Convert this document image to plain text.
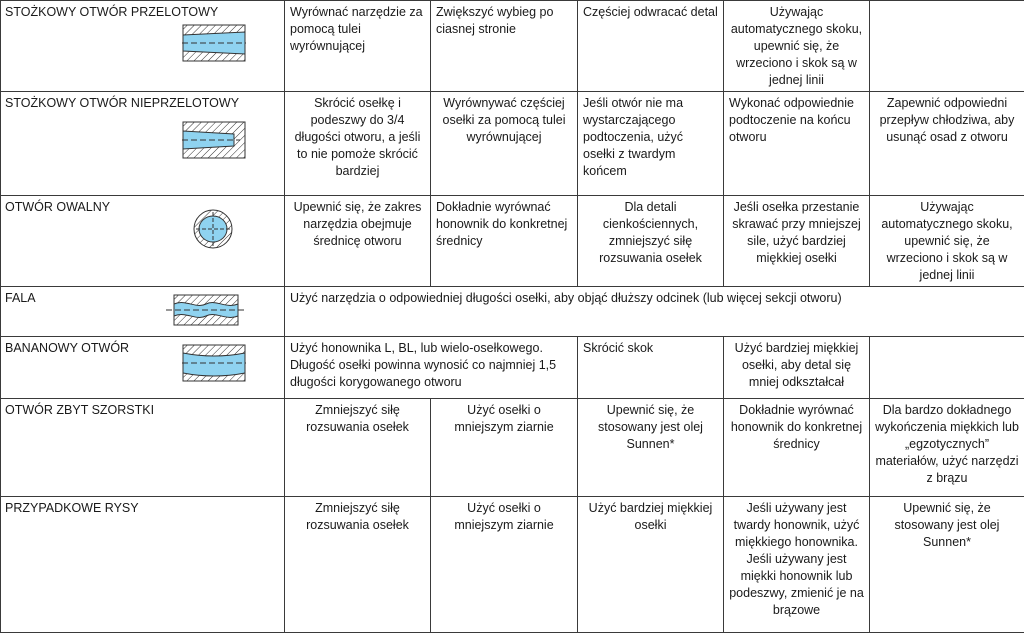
STOŻKOWY OTWÓR PRZELOTOWY	Wyrównać narzędzie za pomocą tulei wyrównującej	Zwiększyć wybieg po ciasnej stronie	Częściej odwracać detal	Używając automatycznego skoku, upewnić się, że wrzeciono i skok są w jednej linii	

STOŻKOWY OTWÓR NIEPRZELOTOWY	Skrócić osełkę i podeszwy do 3/4 długości otworu, a jeśli to nie pomoże skrócić bardziej	Wyrównywać częściej osełki za pomocą tulei wyrównującej	Jeśli otwór nie ma wystarczającego podtoczenia, użyć osełki z twardym końcem	Wykonać odpowiednie podtoczenie na końcu otworu	Zapewnić odpowiedni przepływ chłodziwa, aby usunąć osad z otworu

OTWÓR OWALNY	Upewnić się, że zakres narzędzia obejmuje średnicę otworu	Dokładnie wyrównać honownik do konkretnej średnicy	Dla detali cienkościennych, zmniejszyć siłę rozsuwania osełek	Jeśli osełka przestanie skrawać przy mniejszej sile, użyć bardziej miękkiej osełki	Używając automatycznego skoku, upewnić się, że wrzeciono i skok są w jednej linii

FALA	Użyć narzędzia o odpowiedniej długości osełki, aby objąć dłuższy odcinek (lub więcej sekcji otworu)				

BANANOWY OTWÓR	Użyć honownika L, BL, lub wielo-osełkowego. Długość osełki powinna wynosić co najmniej 1,5 długości korygowanego otworu		Skrócić skok	Użyć bardziej miękkiej osełki, aby detal się mniej odkształcał	

OTWÓR ZBYT SZORSTKI	Zmniejszyć siłę rozsuwania osełek	Użyć osełki o mniejszym ziarnie	Upewnić się, że stosowany jest olej Sunnen*	Dokładnie wyrównać honownik do konkretnej średnicy	Dla bardzo dokładnego wykończenia miękkich lub „egzotycznych” materiałów, użyć narzędzi z brązu

PRZYPADKOWE RYSY	Zmniejszyć siłę rozsuwania osełek	Użyć osełki o mniejszym ziarnie	Użyć bardziej miękkiej osełki	Jeśli używany jest twardy honownik, użyć miękkiego honownika. Jeśli używany jest miękki honownik lub podeszwy, zmienić je na brązowe	Upewnić się, że stosowany jest olej Sunnen*
